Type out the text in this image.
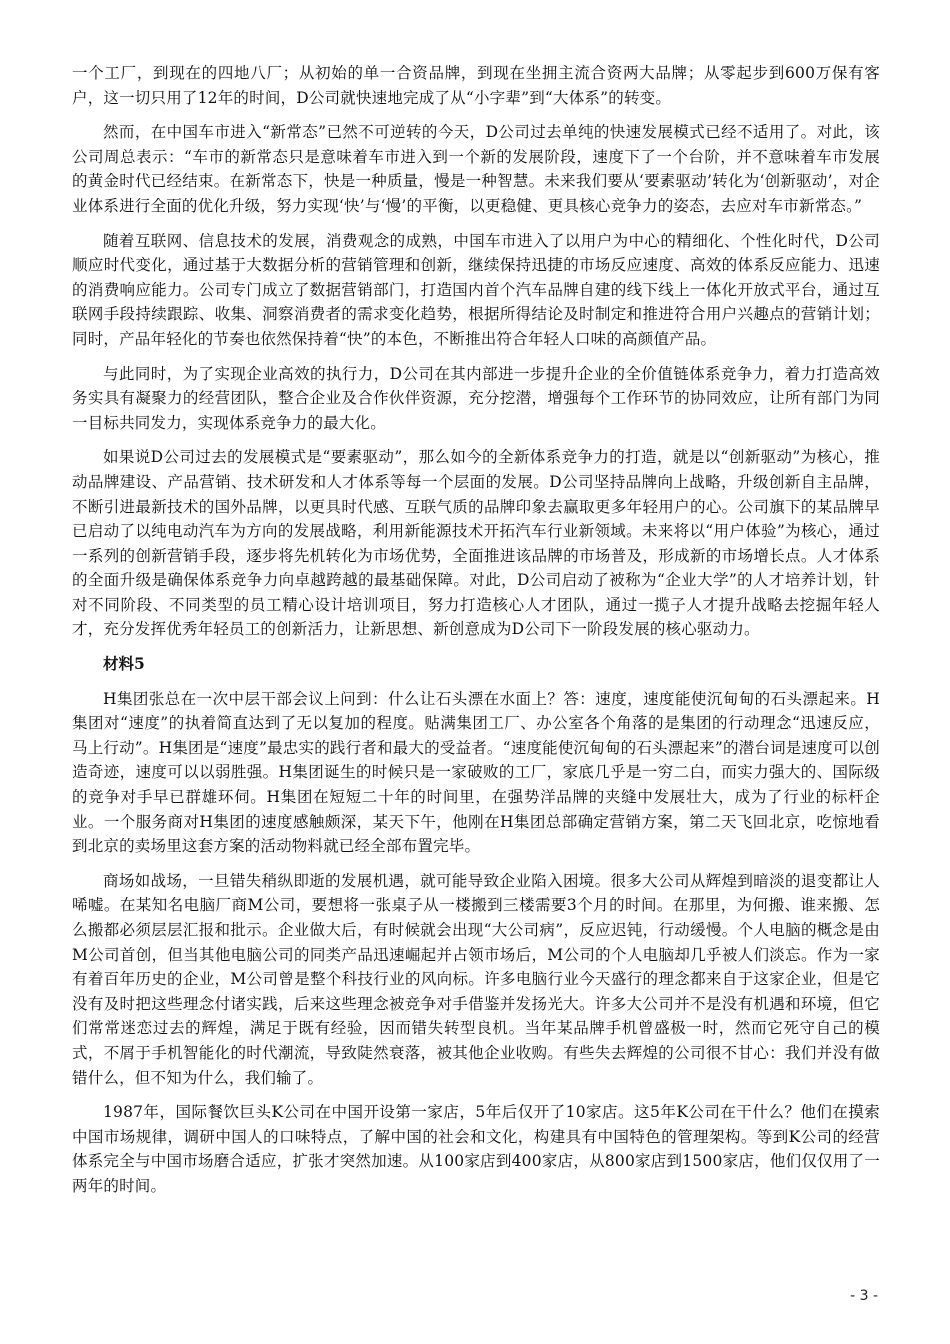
一个工厂，到现在的四地八厂；从初始的单一合资品牌，到现在坐拥主流合资两大品牌；从零起步到600万保有客户，这一切只用了12年的时间，D公司就快速地完成了从“小字辈”到“大体系”的转变。

然而，在中国车市进入“新常态”已然不可逆转的今天，D公司过去单纯的快速发展模式已经不适用了。对此，该公司周总表示：“车市的新常态只是意味着车市进入到一个新的发展阶段，速度下了一个台阶，并不意味着车市发展的黄金时代已经结束。在新常态下，快是一种质量，慢是一种智慧。未来我们要从‘要素驱动’转化为‘创新驱动’，对企业体系进行全面的优化升级，努力实现‘快’与‘慢’的平衡，以更稳健、更具核心竞争力的姿态，去应对车市新常态。”

随着互联网、信息技术的发展，消费观念的成熟，中国车市进入了以用户为中心的精细化、个性化时代，D公司顺应时代变化，通过基于大数据分析的营销管理和创新，继续保持迅捷的市场反应速度、高效的体系反应能力、迅速的消费响应能力。公司专门成立了数据营销部门，打造国内首个汽车品牌自建的线下线上一体化开放式平台，通过互联网手段持续跟踪、收集、洞察消费者的需求变化趋势，根据所得结论及时制定和推进符合用户兴趣点的营销计划；同时，产品年轻化的节奏也依然保持着“快”的本色，不断推出符合年轻人口味的高颜值产品。

与此同时，为了实现企业高效的执行力，D公司在其内部进一步提升企业的全价值链体系竞争力，着力打造高效务实具有凝聚力的经营团队，整合企业及合作伙伴资源，充分挖潜，增强每个工作环节的协同效应，让所有部门为同一目标共同发力，实现体系竞争力的最大化。

如果说D公司过去的发展模式是“要素驱动”，那么如今的全新体系竞争力的打造，就是以“创新驱动”为核心，推动品牌建设、产品营销、技术研发和人才体系等每一个层面的发展。D公司坚持品牌向上战略，升级创新自主品牌，不断引进最新技术的国外品牌，以更具时代感、互联气质的品牌印象去赢取更多年轻用户的心。公司旗下的某品牌早已启动了以纯电动汽车为方向的发展战略，利用新能源技术开拓汽车行业新领域。未来将以“用户体验”为核心，通过一系列的创新营销手段，逐步将先机转化为市场优势，全面推进该品牌的市场普及，形成新的市场增长点。人才体系的全面升级是确保体系竞争力向卓越跨越的最基础保障。对此，D公司启动了被称为“企业大学”的人才培养计划，针对不同阶段、不同类型的员工精心设计培训项目，努力打造核心人才团队，通过一揽子人才提升战略去挖掘年轻人才，充分发挥优秀年轻员工的创新活力，让新思想、新创意成为D公司下一阶段发展的核心驱动力。

材料5

H集团张总在一次中层干部会议上问到：什么让石头漂在水面上？答：速度，速度能使沉甸甸的石头漂起来。H集团对“速度”的执着简直达到了无以复加的程度。贴满集团工厂、办公室各个角落的是集团的行动理念“迅速反应，马上行动”。H集团是“速度”最忠实的践行者和最大的受益者。“速度能使沉甸甸的石头漂起来”的潜台词是速度可以创造奇迹，速度可以以弱胜强。H集团诞生的时候只是一家破败的工厂，家底几乎是一穷二白，而实力强大的、国际级的竞争对手早已群雄环伺。H集团在短短二十年的时间里，在强势洋品牌的夹缝中发展壮大，成为了行业的标杆企业。一个服务商对H集团的速度感触颇深，某天下午，他刚在H集团总部确定营销方案，第二天飞回北京，吃惊地看到北京的卖场里这套方案的活动物料就已经全部布置完毕。

商场如战场，一旦错失稍纵即逝的发展机遇，就可能导致企业陷入困境。很多大公司从辉煌到暗淡的退变都让人唏嘘。在某知名电脑厂商M公司，要想将一张桌子从一楼搬到三楼需要3个月的时间。在那里，为何搬、谁来搬、怎么搬都必须层层汇报和批示。企业做大后，有时候就会出现“大公司病”，反应迟钝，行动缓慢。个人电脑的概念是由M公司首创，但当其他电脑公司的同类产品迅速崛起并占领市场后，M公司的个人电脑却几乎被人们淡忘。作为一家有着百年历史的企业，M公司曾是整个科技行业的风向标。许多电脑行业今天盛行的理念都来自于这家企业，但是它没有及时把这些理念付诸实践，后来这些理念被竞争对手借鉴并发扬光大。许多大公司并不是没有机遇和环境，但它们常常迷恋过去的辉煌，满足于既有经验，因而错失转型良机。当年某品牌手机曾盛极一时，然而它死守自己的模式，不屑于手机智能化的时代潮流，导致陡然衰落，被其他企业收购。有些失去辉煌的公司很不甘心：我们并没有做错什么，但不知为什么，我们输了。

1987年，国际餐饮巨头K公司在中国开设第一家店，5年后仅开了10家店。这5年K公司在干什么？他们在摸索中国市场规律，调研中国人的口味特点，了解中国的社会和文化，构建具有中国特色的管理架构。等到K公司的经营体系完全与中国市场磨合适应，扩张才突然加速。从100家店到400家店，从800家店到1500家店，他们仅仅用了一两年的时间。

- 3 -
